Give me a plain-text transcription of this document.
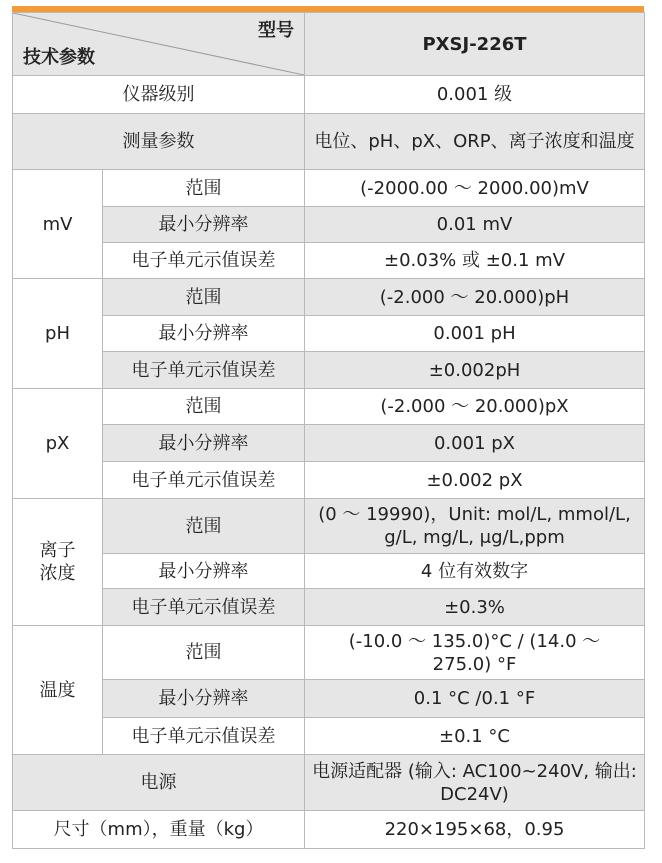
型号
技术参数		PXSJ-226T
仪器级别		0.001 级
测量参数		电位、pH、pX、ORP、离子浓度和温度
mV	范围	(-2000.00 ～ 2000.00)mV
	最小分辨率	0.01 mV
	电子单元示值误差	±0.03% 或 ±0.1 mV
pH	范围	(-2.000 ～ 20.000)pH
	最小分辨率	0.001 pH
	电子单元示值误差	±0.002pH
pX	范围	(-2.000 ～ 20.000)pX
	最小分辨率	0.001 pX
	电子单元示值误差	±0.002 pX
离子浓度	范围	(0 ～ 19990)，Unit: mol/L, mmol/L, g/L, mg/L, μg/L,ppm
	最小分辨率	4 位有效数字
	电子单元示值误差	±0.3%
温度	范围	(-10.0 ～ 135.0)°C / (14.0 ～ 275.0) °F
	最小分辨率	0.1 °C /0.1 °F
	电子单元示值误差	±0.1 °C
电源		电源适配器 (输入: AC100~240V, 输出: DC24V)
尺寸（mm），重量（kg）		220×195×68，0.95
